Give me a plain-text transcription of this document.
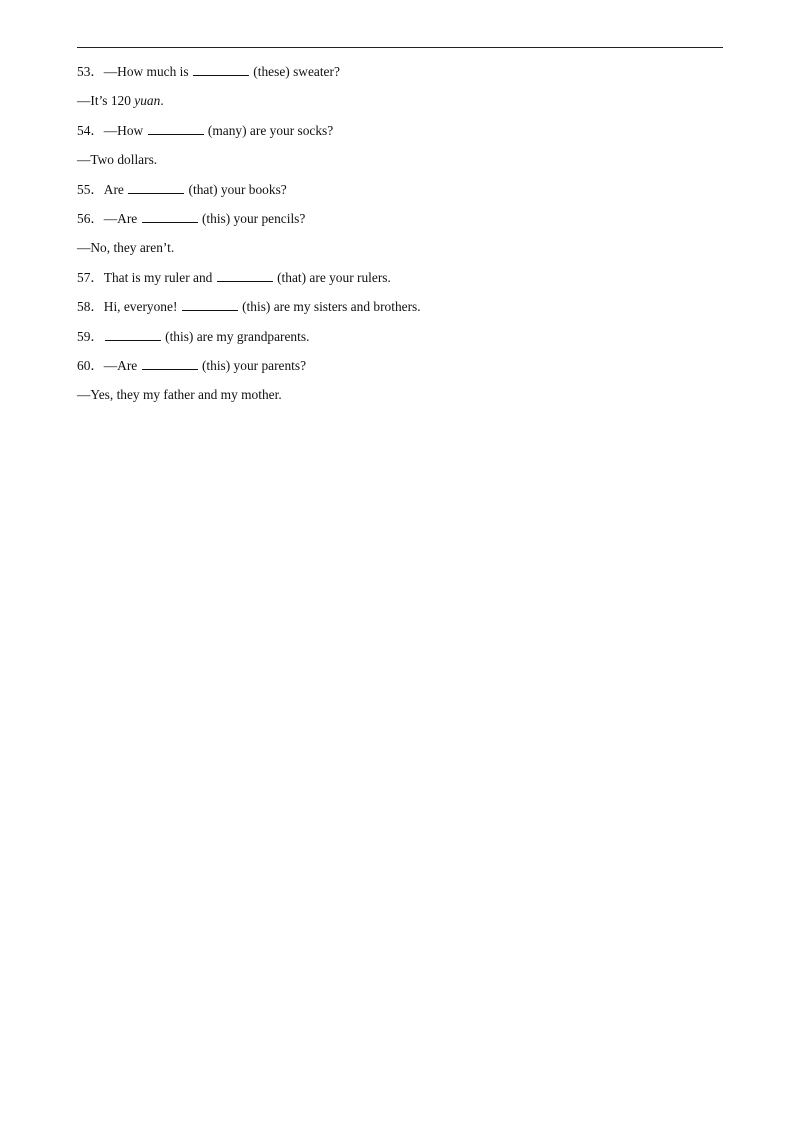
53．—How much is	(these) sweater?
—It’s 120 yuan.
54．—How	(many) are your socks?
—Two dollars.
55．Are	(that) your books?
56．—Are	(this) your pencils?
—No, they aren’t.
57．That is my ruler and	(that) are your rulers.
58．Hi, everyone!	(this) are my sisters and brothers.
59．	(this) are my grandparents.
60．—Are	(this) your parents?
—Yes, they my father and my mother.
